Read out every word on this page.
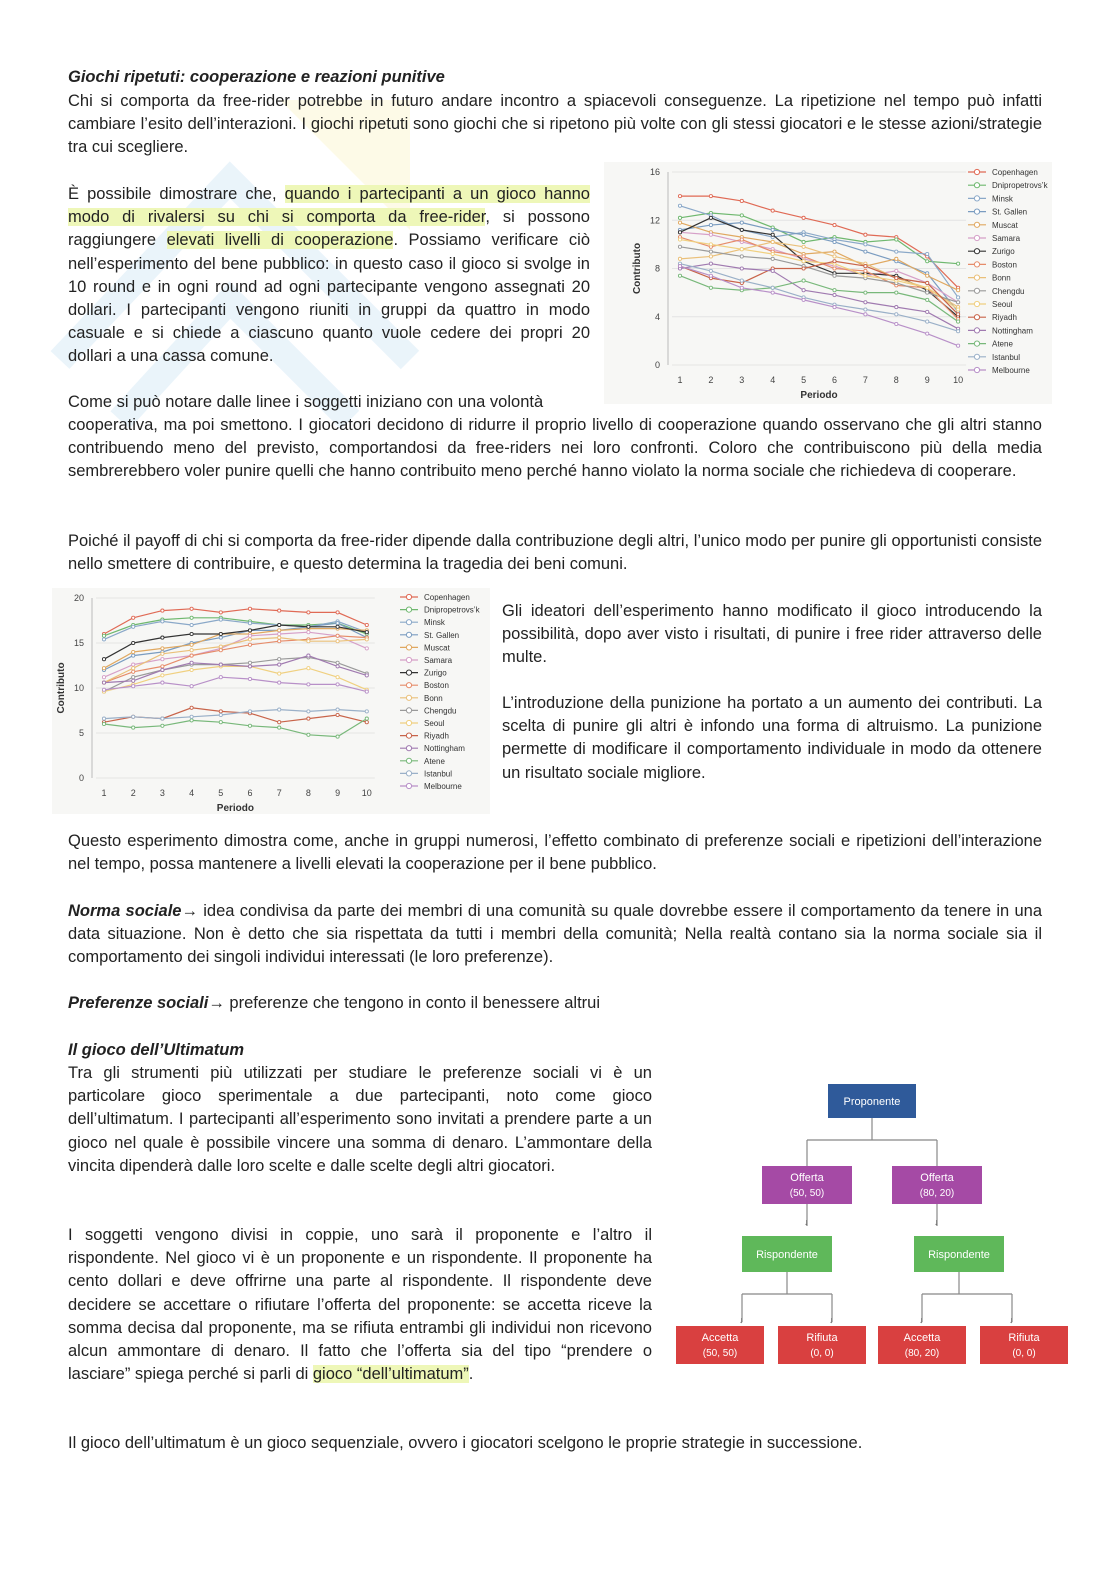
Giochi ripetuti: cooperazione e reazioni punitive

Chi si comporta da free-rider potrebbe in futuro andare incontro a spiacevoli conseguenze. La ripetizione nel tempo può infatti cambiare l’esito dell’interazioni. I giochi ripetuti sono giochi che si ripetono più volte con gli stessi giocatori e le stesse azioni/strategie tra cui scegliere.

È possibile dimostrare che, quando i partecipanti a un gioco hanno modo di rivalersi su chi si comporta da free-rider, si possono raggiungere elevati livelli di cooperazione. Possiamo verificare ciò nell’esperimento del bene pubblico: in questo caso il gioco si svolge in 10 round e in ogni round ad ogni partecipante vengono assegnati 20 dollari. I partecipanti vengono riuniti in gruppi da quattro in modo casuale e si chiede a ciascuno quanto vuole cedere dei propri 20 dollari a una cassa comune.

Come si può notare dalle linee i soggetti iniziano con una volontà

cooperativa, ma poi smettono. I giocatori decidono di ridurre il proprio livello di cooperazione quando osservano che gli altri stanno contribuendo meno del previsto, comportandosi da free-riders nei loro confronti. Coloro che contribuiscono più della media sembrerebbero voler punire quelli che hanno contribuito meno perché hanno violato la norma sociale che richiedeva di cooperare.

Poiché il payoff di chi si comporta da free-rider dipende dalla contribuzione degli altri, l’unico modo per punire gli opportunisti consiste nello smettere di contribuire, e questo determina la tragedia dei beni comuni.

0
4
8
12
16
1	2	3	4	5	6	7	8	9	10
Periodo
Contributo
Copenhagen
Dnipropetrovs’k
Minsk
St. Gallen
Muscat
Samara
Zurigo
Boston
Bonn
Chengdu
Seoul
Riyadh
Nottingham
Atene
Istanbul
Melbourne
0
5
10
15
20
1	2	3	4	5	6	7	8	9 10
Periodo
Contributo
Copenhagen
Dnipropetrovs’k
Minsk
St. Gallen
Muscat
Samara
Zurigo
Boston
Bonn
Chengdu
Seoul
Riyadh
Nottingham
Atene
Istanbul
Melbourne

Gli ideatori dell’esperimento hanno modificato il gioco introducendo la possibilità, dopo aver visto i risultati, di punire i free rider attraverso delle multe.

L’introduzione della punizione ha portato a un aumento dei contributi. La scelta di punire gli altri è infondo una forma di altruismo. La punizione permette di modificare il comportamento individuale in modo da ottenere un risultato sociale migliore.

Questo esperimento dimostra come, anche in gruppi numerosi, l’effetto combinato di preferenze sociali e ripetizioni dell’interazione nel tempo, possa mantenere a livelli elevati la cooperazione per il bene pubblico.

Norma sociale→ idea condivisa da parte dei membri di una comunità su quale dovrebbe essere il comportamento da tenere in una data situazione. Non è detto che sia rispettata da tutti i membri della comunità; Nella realtà contano sia la norma sociale sia il comportamento dei singoli individui interessati (le loro preferenze).

Preferenze sociali→ preferenze che tengono in conto il benessere altrui

Il gioco dell’Ultimatum

Tra gli strumenti più utilizzati per studiare le preferenze sociali vi è un particolare gioco sperimentale a due partecipanti, noto come gioco dell’ultimatum. I partecipanti all’esperimento sono invitati a prendere parte a un gioco nel quale è possibile vincere una somma di denaro. L’ammontare della vincita dipenderà dalle loro scelte e dalle scelte degli altri giocatori.

I soggetti vengono divisi in coppie, uno sarà il proponente e l’altro il rispondente. Nel gioco vi è un proponente e un rispondente. Il proponente ha cento dollari e deve offrirne una parte al rispondente. Il rispondente deve decidere se accettare o rifiutare l’offerta del proponente: se accetta riceve la somma decisa dal proponente, ma se rifiuta entrambi gli individui non ricevono alcun ammontare di denaro. Il fatto che l’offerta sia del tipo “prendere o lasciare” spiega perché si parli di gioco “dell’ultimatum”.

Il gioco dell’ultimatum è un gioco sequenziale, ovvero i giocatori scelgono le proprie strategie in successione.

↓	↓
↓	↓	↓	↓
Proponente
Offerta
(50, 50)
Offerta
(80, 20)
Rispondente	Rispondente
Accetta
(50, 50)
Rifiuta
(0, 0)
Accetta
(80, 20)
Rifiuta
(0, 0)
